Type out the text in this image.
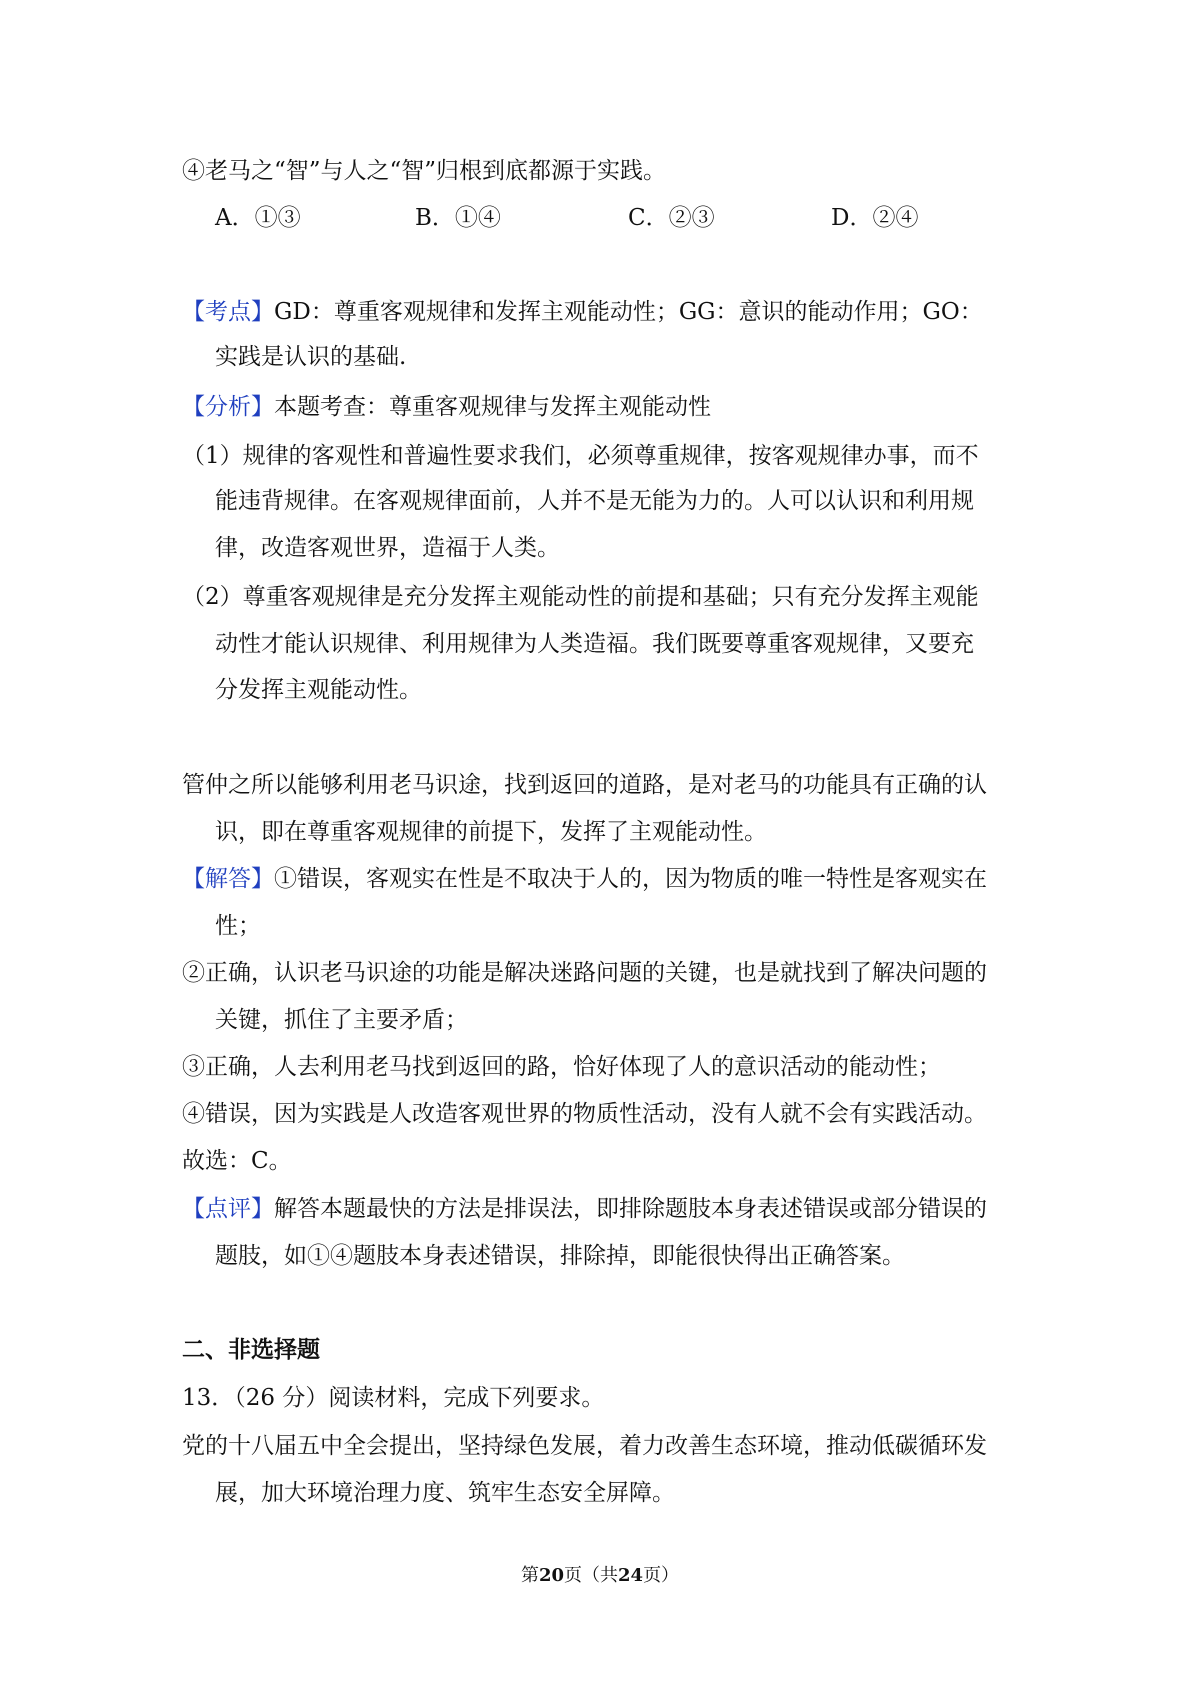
④老马之“智”与人之“智”归根到底都源于实践。
A．①③	B．①④	C．②③	D．②④
【考点】GD：尊重客观规律和发挥主观能动性；GG：意识的能动作用；GO：
实践是认识的基础.
【分析】本题考查：尊重客观规律与发挥主观能动性
（1）规律的客观性和普遍性要求我们，必须尊重规律，按客观规律办事，而不
能违背规律。在客观规律面前，人并不是无能为力的。人可以认识和利用规
律，改造客观世界，造福于人类。
（2）尊重客观规律是充分发挥主观能动性的前提和基础；只有充分发挥主观能
动性才能认识规律、利用规律为人类造福。我们既要尊重客观规律，又要充
分发挥主观能动性。
管仲之所以能够利用老马识途，找到返回的道路，是对老马的功能具有正确的认
识，即在尊重客观规律的前提下，发挥了主观能动性。
【解答】①错误，客观实在性是不取决于人的，因为物质的唯一特性是客观实在
性；
②正确，认识老马识途的功能是解决迷路问题的关键，也是就找到了解决问题的
关键，抓住了主要矛盾；
③正确，人去利用老马找到返回的路，恰好体现了人的意识活动的能动性；
④错误，因为实践是人改造客观世界的物质性活动，没有人就不会有实践活动。
故选：C。
【点评】解答本题最快的方法是排误法，即排除题肢本身表述错误或部分错误的
题肢，如①④题肢本身表述错误，排除掉，即能很快得出正确答案。
二、非选择题
13．（26 分）阅读材料，完成下列要求。
党的十八届五中全会提出，坚持绿色发展，着力改善生态环境，推动低碳循环发
展，加大环境治理力度、筑牢生态安全屏障。
第20页（共24页）
